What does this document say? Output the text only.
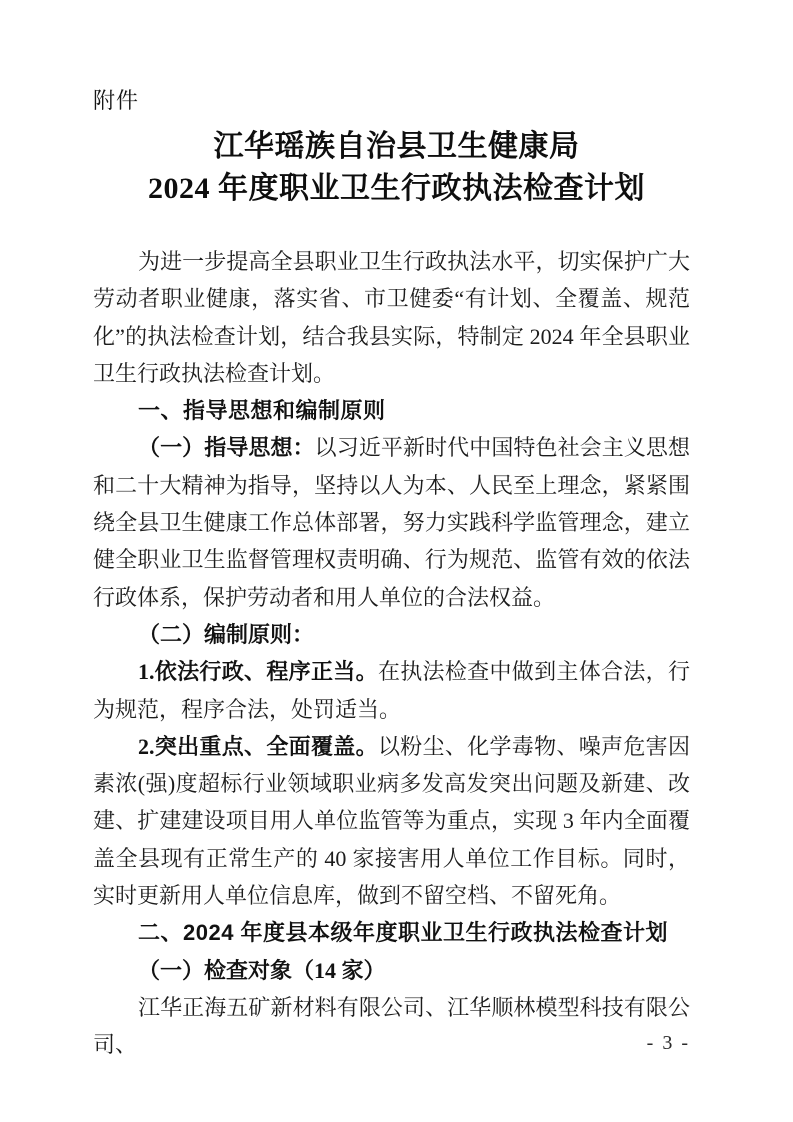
附件
江华瑶族自治县卫生健康局
2024 年度职业卫生行政执法检查计划

为进一步提高全县职业卫生行政执法水平，切实保护广大劳动者职业健康，落实省、市卫健委“有计划、全覆盖、规范化”的执法检查计划，结合我县实际，特制定 2024 年全县职业卫生行政执法检查计划。

一、指导思想和编制原则

（一）指导思想：以习近平新时代中国特色社会主义思想和二十大精神为指导，坚持以人为本、人民至上理念，紧紧围绕全县卫生健康工作总体部署，努力实践科学监管理念，建立健全职业卫生监督管理权责明确、行为规范、监管有效的依法行政体系，保护劳动者和用人单位的合法权益。

（二）编制原则：

1.依法行政、程序正当。在执法检查中做到主体合法，行为规范，程序合法，处罚适当。

2.突出重点、全面覆盖。以粉尘、化学毒物、噪声危害因素浓(强)度超标行业领域职业病多发高发突出问题及新建、改建、扩建建设项目用人单位监管等为重点，实现 3 年内全面覆盖全县现有正常生产的 40 家接害用人单位工作目标。同时，实时更新用人单位信息库，做到不留空档、不留死角。

二、2024 年度县本级年度职业卫生行政执法检查计划

（一）检查对象（14 家）

江华正海五矿新材料有限公司、江华顺林模型科技有限公司、	- 3 -
